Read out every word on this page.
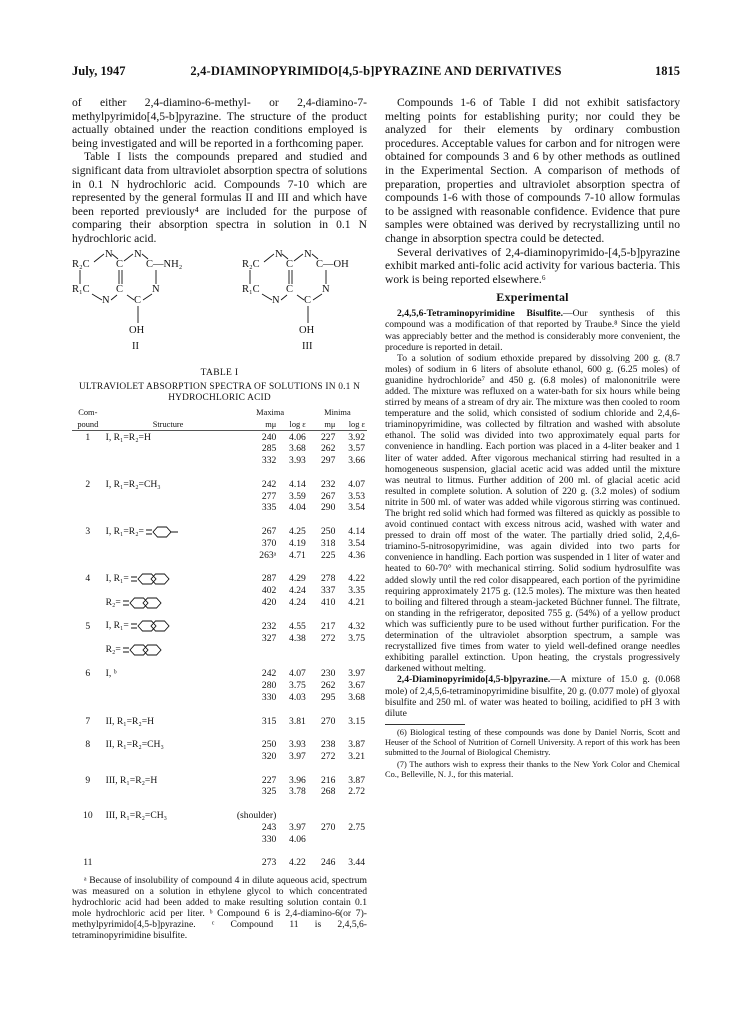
July, 1947	2,4-DIAMINOPYRIMIDO[4,5-b]PYRAZINE AND DERIVATIVES	1815

of either 2,4-diamino-6-methyl- or 2,4-diamino-7-methylpyrimido[4,5-b]pyrazine. The structure of the product actually obtained under the reaction conditions employed is being investigated and will be reported in a forthcoming paper.

Table I lists the compounds prepared and studied and significant data from ultraviolet absorption spectra of solutions in 0.1 N hydrochloric acid. Compounds 7-10 which are represented by the general formulas II and III and which have been reported previously⁴ are included for the purpose of comparing their absorption spectra in solution in 0.1 N hydrochloric acid.

R₂C
N
C
N
C—NH₂
R₁C
N
C
C
N
OH
II
R₂C
N
C
N
C—OH
R₁C
N
C
C
N
OH
III
TABLE I
ULTRAVIOLET ABSORPTION SPECTRA OF SOLUTIONS IN 0.1 N
HYDROCHLORIC ACID
Com-		Maxima		Minima	
pound	Structure	mμ	log ε	mμ	log ε
1	I, R₁=R₂=H	240	4.06	227	3.92
		285	3.68	262	3.57
		332	3.93	297	3.66

2	I, R₁=R₂=CH₃	242	4.14	232	4.07
		277	3.59	267	3.53
		335	4.04	290	3.54

3	I, R₁=R₂=	267	4.25	250	4.14
		370	4.19	318	3.54
		263ᵃ	4.71	225	4.36

4	I, R₁=	287	4.29	278	4.22
		402	4.24	337	3.35
	R₂=	420	4.24	410	4.21

5	I, R₁=	232	4.55	217	4.32
		327	4.38	272	3.75
	R₂=				

6	I, ᵇ	242	4.07	230	3.97
		280	3.75	262	3.67
		330	4.03	295	3.68

7	II, R₁=R₂=H	315	3.81	270	3.15

8	II, R₁=R₂=CH₃	250	3.93	238	3.87
		320	3.97	272	3.21

9	III, R₁=R₂=H	227	3.96	216	3.87
		325	3.78	268	2.72

10	III, R₁=R₂=CH₃	(shoulder)			
		243	3.97	270	2.75
		330	4.06		

11		273	4.22	246	3.44

ᵃ Because of insolubility of compound 4 in dilute aqueous acid, spectrum was measured on a solution in ethylene glycol to which concentrated hydrochloric acid had been added to make resulting solution contain 0.1 mole hydrochloric acid per liter. ᵇ Compound 6 is 2,4-diamino-6(or 7)-methylpyrimido[4,5-b]pyrazine. ᶜ Compound 11 is 2,4,5,6-tetraminopyrimidine bisulfite.

Compounds 1-6 of Table I did not exhibit satisfactory melting points for establishing purity; nor could they be analyzed for their elements by ordinary combustion procedures. Acceptable values for carbon and for nitrogen were obtained for compounds 3 and 6 by other methods as outlined in the Experimental Section. A comparison of methods of preparation, properties and ultraviolet absorption spectra of compounds 1-6 with those of compounds 7-10 allow formulas to be assigned with reasonable confidence. Evidence that pure samples were obtained was derived by recrystallizing until no change in absorption spectra could be detected.

Several derivatives of 2,4-diaminopyrimido-[4,5-b]pyrazine exhibit marked anti-folic acid activity for various bacteria. This work is being reported elsewhere.⁶

Experimental

2,4,5,6-Tetraminopyrimidine Bisulfite.—Our synthesis of this compound was a modification of that reported by Traube.⁸ Since the yield was appreciably better and the method is considerably more convenient, the procedure is reported in detail.

To a solution of sodium ethoxide prepared by dissolving 200 g. (8.7 moles) of sodium in 6 liters of absolute ethanol, 600 g. (6.25 moles) of guanidine hydrochloride⁷ and 450 g. (6.8 moles) of malononitrile were added. The mixture was refluxed on a water-bath for six hours while being stirred by means of a stream of dry air. The mixture was then cooled to room temperature and the solid, which consisted of sodium chloride and 2,4,6-triaminopyrimidine, was collected by filtration and washed with absolute ethanol. The solid was divided into two approximately equal parts for convenience in handling. Each portion was placed in a 4-liter beaker and 1 liter of water added. After vigorous mechanical stirring had resulted in a homogeneous suspension, glacial acetic acid was added until the mixture was neutral to litmus. Further addition of 200 ml. of glacial acetic acid resulted in complete solution. A solution of 220 g. (3.2 moles) of sodium nitrite in 500 ml. of water was added while vigorous stirring was continued. The bright red solid which had formed was filtered as quickly as possible to avoid continued contact with excess nitrous acid, washed with water and pressed to drain off most of the water. The partially dried solid, 2,4,6-triamino-5-nitrosopyrimidine, was again divided into two parts for convenience in handling. Each portion was suspended in 1 liter of water and heated to 60-70° with mechanical stirring. Solid sodium hydrosulfite was added slowly until the red color disappeared, each portion of the pyrimidine requiring approximately 2175 g. (12.5 moles). The mixture was then heated to boiling and filtered through a steam-jacketed Büchner funnel. The filtrate, on standing in the refrigerator, deposited 755 g. (54%) of a yellow product which was sufficiently pure to be used without further purification. For the determination of the ultraviolet absorption spectrum, a sample was recrystallized five times from water to yield well-defined orange needles exhibiting parallel extinction. Upon heating, the crystals progressively darkened without melting.

2,4-Diaminopyrimido[4,5-b]pyrazine.—A mixture of 15.0 g. (0.068 mole) of 2,4,5,6-tetraminopyrimidine bisulfite, 20 g. (0.077 mole) of glyoxal bisulfite and 250 ml. of water was heated to boiling, acidified to pH 3 with dilute

(6) Biological testing of these compounds was done by Daniel Norris, Scott and Heuser of the School of Nutrition of Cornell University. A report of this work has been submitted to the Journal of Biological Chemistry.

(7) The authors wish to express their thanks to the New York Color and Chemical Co., Belleville, N. J., for this material.
